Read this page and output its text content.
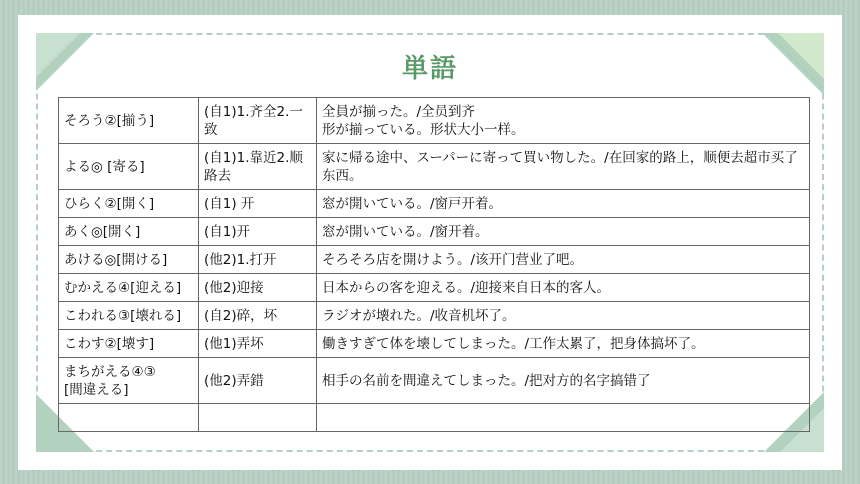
単語
そろう②[揃う]	(自1)1.齐全2.一致	全員が揃った。/全员到齐
形が揃っている。形状大小一样。
よる◎ [寄る]	(自1)1.靠近2.顺路去	家に帰る途中、スーパーに寄って買い物した。/在回家的路上，顺便去超市买了东西。
ひらく②[開く]	(自1) 开	窓が開いている。/窗戸开着。
あく◎[開く]	(自1)开	窓が開いている。/窗开着。
あける◎[開ける]	(他2)1.打开	そろそろ店を開けよう。/该开门营业了吧。
むかえる④[迎える]	(他2)迎接	日本からの客を迎える。/迎接来自日本的客人。
こわれる③[壊れる]	(自2)碎，坏	ラジオが壊れた。/收音机坏了。
こわす②[壊す]	(他1)弄坏	働きすぎて体を壊してしまった。/工作太累了，把身体搞坏了。
まちがえる④③
[間違える]	(他2)弄錯	相手の名前を間違えてしまった。/把对方的名字搞错了
